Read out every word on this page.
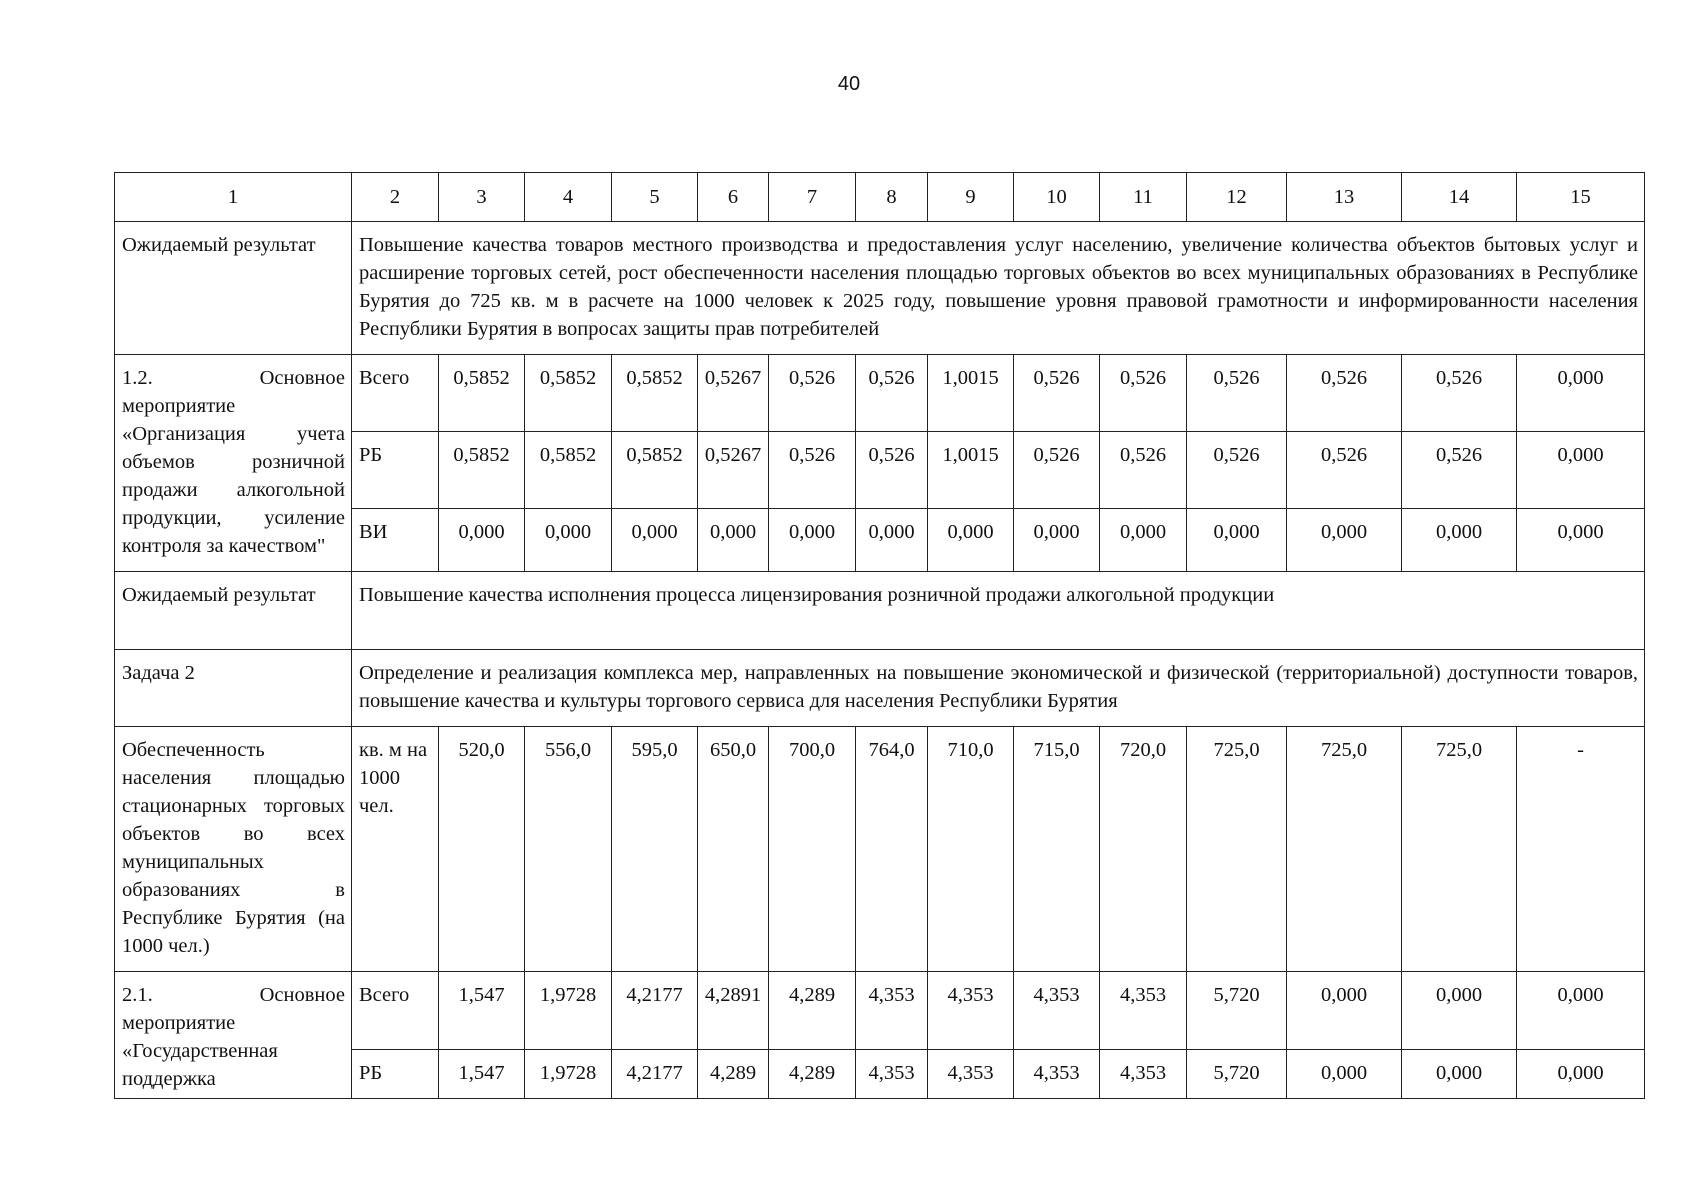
40
1	2	3	4	5	6	7	8	9	10	11	12	13	14	15
Ожидаемый результат	Повышение качества товаров местного производства и предоставления услуг населению, увеличение количества объектов бытовых услуг и расширение торговых сетей, рост обеспеченности населения площадью торговых объектов во всех муниципальных образованиях в Республике Бурятия до 725 кв. м в расчете на 1000 человек к 2025 году, повышение уровня правовой грамотности и информированности населения Республики Бурятия в вопросах защиты прав потребителей													
1.2. Основное мероприятие «Организация учета объемов розничной продажи алкогольной продукции, усиление контроля за качеством"	Всего	0,5852	0,5852	0,5852	0,5267	0,526	0,526	1,0015	0,526	0,526	0,526	0,526	0,526	0,000
	РБ	0,5852	0,5852	0,5852	0,5267	0,526	0,526	1,0015	0,526	0,526	0,526	0,526	0,526	0,000
	ВИ	0,000	0,000	0,000	0,000	0,000	0,000	0,000	0,000	0,000	0,000	0,000	0,000	0,000
Ожидаемый результат	Повышение качества исполнения процесса лицензирования розничной продажи алкогольной продукции													
Задача 2	Определение и реализация комплекса мер, направленных на повышение экономической и физической (территориальной) доступности товаров, повышение качества и культуры торгового сервиса для населения Республики Бурятия													
Обеспеченность населения площадью стационарных торговых объектов во всех муниципальных образованиях в Республике Бурятия (на 1000 чел.)	кв. м на 1000 чел.	520,0	556,0	595,0	650,0	700,0	764,0	710,0	715,0	720,0	725,0	725,0	725,0	-
2.1. Основное мероприятие «Государственная поддержка	Всего	1,547	1,9728	4,2177	4,2891	4,289	4,353	4,353	4,353	4,353	5,720	0,000	0,000	0,000
	РБ	1,547	1,9728	4,2177	4,289	4,289	4,353	4,353	4,353	4,353	5,720	0,000	0,000	0,000
